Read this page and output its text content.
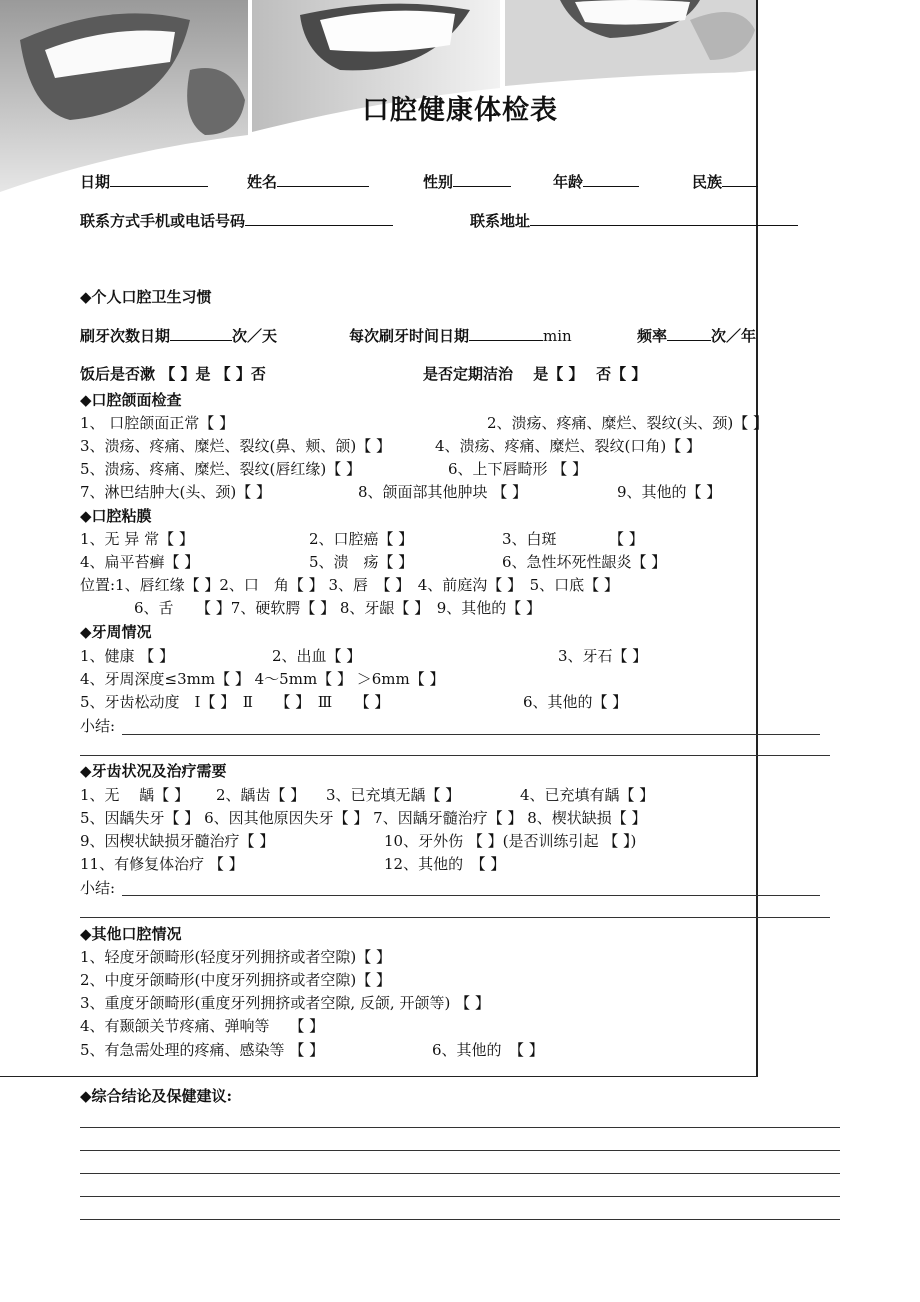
口腔健康体检表
日期	姓名	性别	年龄	民族
联系方式手机或电话号码	联系地址
◆个人口腔卫生习惯
刷牙次数日期	次／天	每次刷牙时间日期	min	频率	次／年
饭后是否漱 【 】是 【 】否	是否定期洁治　 是【 】　 否【 】
◆口腔颌面检查
1、 口腔颌面正常【 】	2、溃疡、疼痛、糜烂、裂纹(头、颈)【 】
3、溃疡、疼痛、糜烂、裂纹(鼻、颊、颌)【 】	4、溃疡、疼痛、糜烂、裂纹(口角)【 】
5、溃疡、疼痛、糜烂、裂纹(唇红缘)【 】	6、上下唇畸形 【 】
7、淋巴结肿大(头、颈)【 】	8、颌面部其他肿块 【 】	9、其他的【 】
◆口腔粘膜
1、无 异 常【 】	2、口腔癌【 】	3、白斑　　　　【 】
4、扁平苔癣【 】	5、溃　疡【 】	6、急性坏死性龈炎【 】
位置:1、唇红缘【 】2、口　角【 】 3、唇　【 】　4、前庭沟【 】　5、口底【 】
6、舌　　【 】7、硬软腭【 】 8、牙龈【 】　9、其他的【 】
◆牙周情况
1、健康 【 】	2、出血【 】	3、牙石【 】
4、牙周深度≤3mm【 】 4～5mm【 】 ＞6mm【 】
5、牙齿松动度　I【 】　Ⅱ　　【 】　Ⅲ　　【 】	6、其他的【 】
小结:
◆牙齿状况及治疗需要
1、无　 龋【 】 2、龋齿【 】 3、已充填无龋【 】	4、已充填有龋【 】
5、因龋失牙【 】 6、因其他原因失牙【 】 7、因龋牙髓治疗【 】 8、楔状缺损【 】
9、因楔状缺损牙髓治疗【 】	10、牙外伤 【 】(是否训练引起 【 】)
11、有修复体治疗 【 】	12、其他的　【 】
小结:
◆其他口腔情况
1、轻度牙颌畸形(轻度牙列拥挤或者空隙)【 】
2、中度牙颌畸形(中度牙列拥挤或者空隙)【 】
3、重度牙颌畸形(重度牙列拥挤或者空隙, 反颌, 开颌等) 【 】
4、有颞颌关节疼痛、弹响等　 【 】
5、有急需处理的疼痛、感染等 【 】	6、其他的　【 】
◆综合结论及保健建议:
